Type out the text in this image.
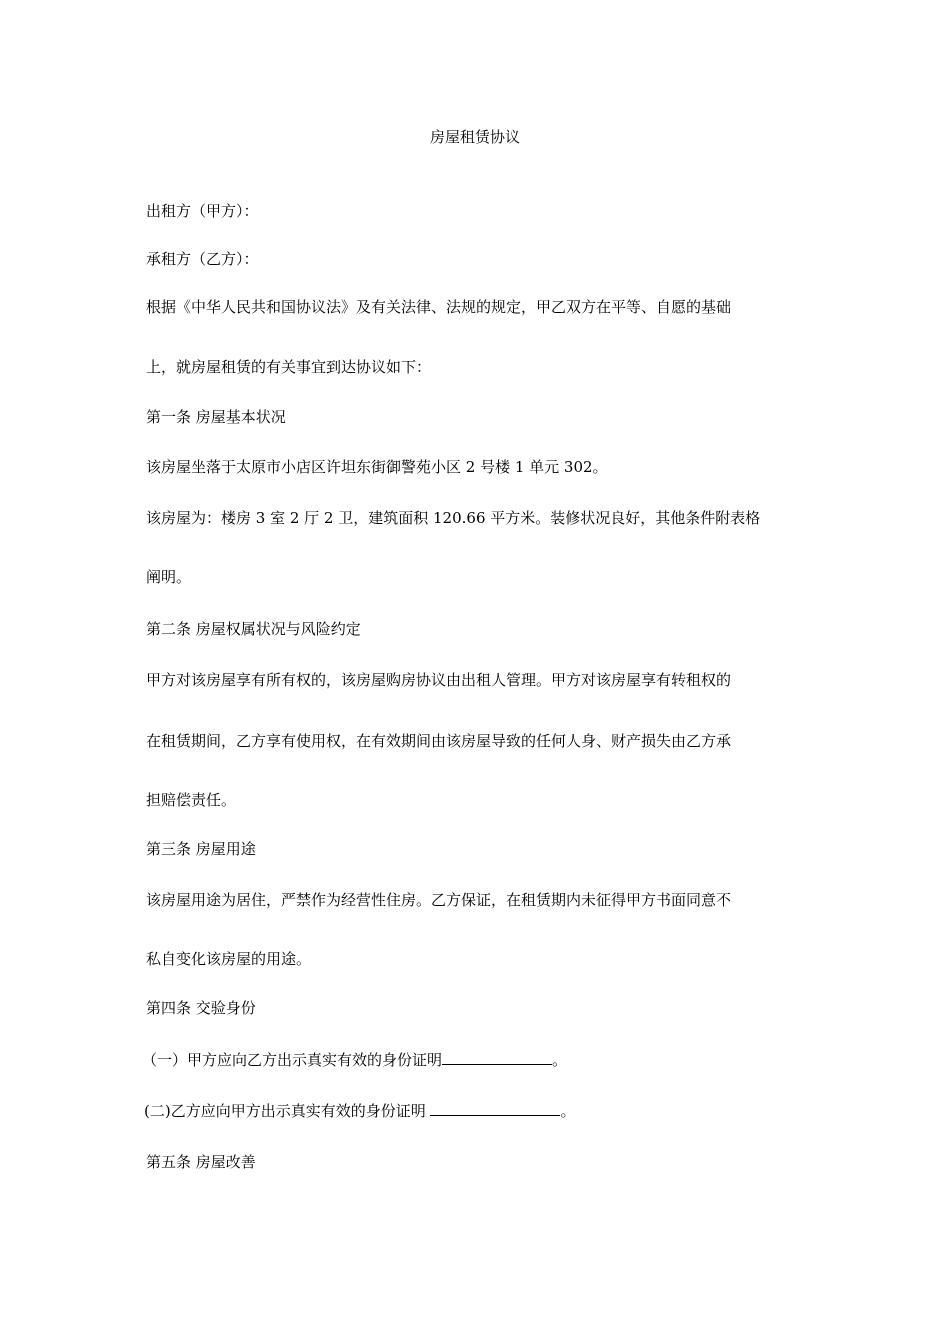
房屋租赁协议
出租方（甲方）：
承租方（乙方）：
根据《中华人民共和国协议法》及有关法律、法规的规定，甲乙双方在平等、自愿的基础
上，就房屋租赁的有关事宜到达协议如下：
第一条 房屋基本状况
该房屋坐落于太原市小店区许坦东街御警苑小区 2 号楼 1 单元 302。
该房屋为：楼房 3 室 2 厅 2 卫，建筑面积 120.66 平方米。装修状况良好，其他条件附表格
阐明。
第二条 房屋权属状况与风险约定
甲方对该房屋享有所有权的，该房屋购房协议由出租人管理。甲方对该房屋享有转租权的
在租赁期间，乙方享有使用权，在有效期间由该房屋导致的任何人身、财产损失由乙方承
担赔偿责任。
第三条 房屋用途
该房屋用途为居住，严禁作为经营性住房。乙方保证，在租赁期内未征得甲方书面同意不
私自变化该房屋的用途。
第四条 交验身份
（一）甲方应向乙方出示真实有效的身份证明	。
(二)乙方应向甲方出示真实有效的身份证明	。
第五条 房屋改善
